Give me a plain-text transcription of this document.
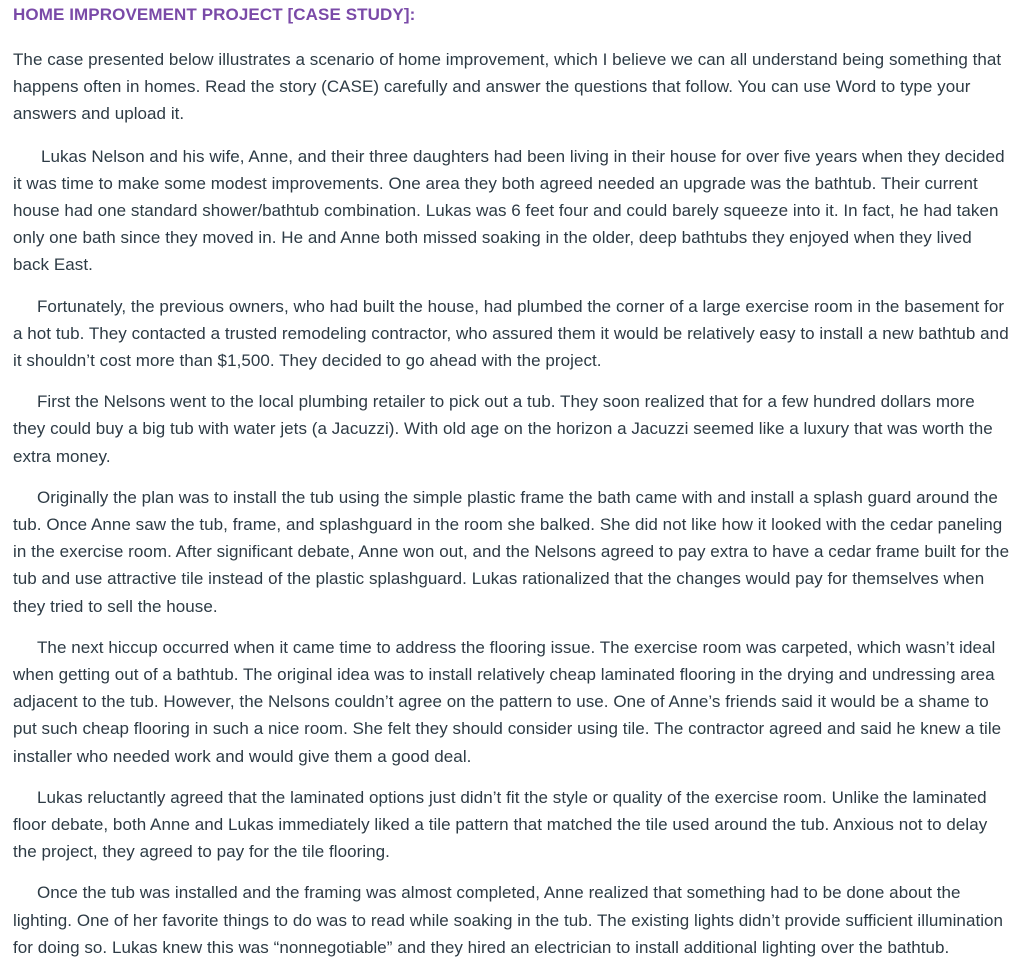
HOME IMPROVEMENT PROJECT [CASE STUDY]:

The case presented below illustrates a scenario of home improvement, which I believe we can all understand being something that happens often in homes. Read the story (CASE) carefully and answer the questions that follow. You can use Word to type your answers and upload it.

Lukas Nelson and his wife, Anne, and their three daughters had been living in their house for over five years when they decided it was time to make some modest improvements. One area they both agreed needed an upgrade was the bathtub. Their current house had one standard shower/bathtub combination. Lukas was 6 feet four and could barely squeeze into it. In fact, he had taken only one bath since they moved in. He and Anne both missed soaking in the older, deep bathtubs they enjoyed when they lived back East.

Fortunately, the previous owners, who had built the house, had plumbed the corner of a large exercise room in the basement for a hot tub. They contacted a trusted remodeling contractor, who assured them it would be relatively easy to install a new bathtub and it shouldn’t cost more than $1,500. They decided to go ahead with the project.

First the Nelsons went to the local plumbing retailer to pick out a tub. They soon realized that for a few hundred dollars more they could buy a big tub with water jets (a Jacuzzi). With old age on the horizon a Jacuzzi seemed like a luxury that was worth the extra money.

Originally the plan was to install the tub using the simple plastic frame the bath came with and install a splash guard around the tub. Once Anne saw the tub, frame, and splashguard in the room she balked. She did not like how it looked with the cedar paneling in the exercise room. After significant debate, Anne won out, and the Nelsons agreed to pay extra to have a cedar frame built for the tub and use attractive tile instead of the plastic splashguard. Lukas rationalized that the changes would pay for themselves when they tried to sell the house.

The next hiccup occurred when it came time to address the flooring issue. The exercise room was carpeted, which wasn’t ideal when getting out of a bathtub. The original idea was to install relatively cheap laminated flooring in the drying and undressing area adjacent to the tub. However, the Nelsons couldn’t agree on the pattern to use. One of Anne’s friends said it would be a shame to put such cheap flooring in such a nice room. She felt they should consider using tile. The contractor agreed and said he knew a tile installer who needed work and would give them a good deal.

Lukas reluctantly agreed that the laminated options just didn’t fit the style or quality of the exercise room. Unlike the laminated floor debate, both Anne and Lukas immediately liked a tile pattern that matched the tile used around the tub. Anxious not to delay the project, they agreed to pay for the tile flooring.

Once the tub was installed and the framing was almost completed, Anne realized that something had to be done about the lighting. One of her favorite things to do was to read while soaking in the tub. The existing lights didn’t provide sufficient illumination for doing so. Lukas knew this was “nonnegotiable” and they hired an electrician to install additional lighting over the bathtub.
